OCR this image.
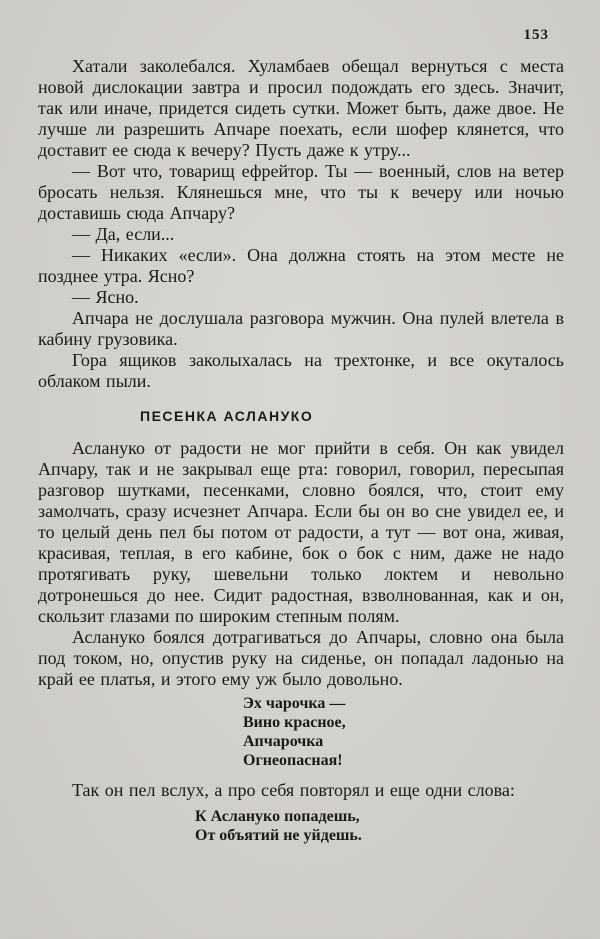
153

Хатали заколебался. Хуламбаев обещал вернуться с места новой дислокации завтра и просил подождать его здесь. Значит, так или иначе, придется сидеть сутки. Может быть, даже двое. Не лучше ли разрешить Апчаре поехать, если шофер клянется, что доставит ее сюда к вечеру? Пусть даже к утру...

— Вот что, товарищ ефрейтор. Ты — военный, слов на ветер бросать нельзя. Клянешься мне, что ты к вечеру или ночью доставишь сюда Апчару?

— Да, если...

— Никаких «если». Она должна стоять на этом месте не позднее утра. Ясно?

— Ясно.

Апчара не дослушала разговора мужчин. Она пулей влетела в кабину грузовика.

Гора ящиков заколыхалась на трехтонке, и все окуталось облаком пыли.

ПЕСЕНКА АСЛАНУКО

Аслануко от радости не мог прийти в себя. Он как увидел Апчару, так и не закрывал еще рта: говорил, говорил, пересыпая разговор шутками, песенками, словно боялся, что, стоит ему замолчать, сразу исчезнет Апчара. Если бы он во сне увидел ее, и то целый день пел бы потом от радости, а тут — вот она, живая, красивая, теплая, в его кабине, бок о бок с ним, даже не надо протягивать руку, шевельни только локтем и невольно дотронешься до нее. Сидит радостная, взволнованная, как и он, скользит глазами по широким степным полям.

Аслануко боялся дотрагиваться до Апчары, словно она была под током, но, опустив руку на сиденье, он попадал ладонью на край ее платья, и этого ему уж было довольно.

Эх чарочка —
Вино красное,
Апчарочка
Огнеопасная!

Так он пел вслух, а про себя повторял и еще одни слова:

К Аслануко попадешь,
От объятий не уйдешь.
